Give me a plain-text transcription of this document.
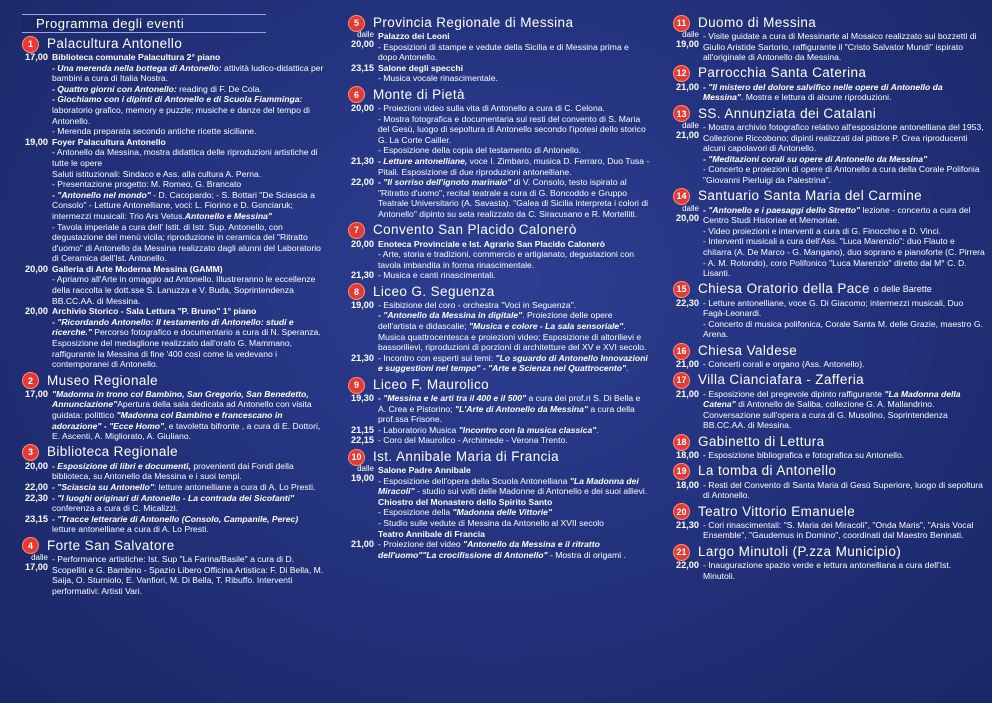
Programma degli eventi
1	Palacultura Antonello
17,00 Biblioteca comunale Palacultura 2° piano
- Una merenda nella bottega di Antonello: attività ludico-didattica per bambini a cura di Italia Nostra.
- Quattro giorni con Antonello: reading di F. De Cola.
- Giochiamo con i dipinti di Antonello e di Scuola Fiamminga: laboratorio grafico, memory e puzzle; musiche e danze del tempo di Antonello.
- Merenda preparata secondo antiche ricette siciliane.
19,00 Foyer Palacultura Antonello
- Antonello da Messina, mostra didattica delle riproduzioni artistiche di tutte le opere
Saluti istituzionali: Sindaco e Ass. alla cultura A. Perna.
- Presentazione progetto: M. Romeo, G. Brancato
- "Antonello nel mondo" - D. Cacopardo; - S. Bottari "De Sciascia a Consolo" - Letture Antonelliane, voci: L. Fiorino e D. Gonciaruk; intermezzi musicali: Trio Ars Vetus.Antonello e Messina"
- Tavola imperiale a cura dell' Istit. di Istr. Sup. Antonello, con degustazione del menù vicila; riproduzione in ceramica del "Ritratto d'uomo" di Antonello da Messina realizzato dagli alunni del Laboratorio di Ceramica dell'Ist. Antonello.
20,00 Galleria di Arte Moderna Messina (GAMM)
- Apriamo all'Arte in omaggio ad Antonello. Illustreranno le eccellenze della raccolta le dott.sse S. Lanuzza e V. Buda, Soprintendenza BB.CC.AA. di Messina.
20,00 Archivio Storico - Sala Lettura "P. Bruno" 1° piano
- "Ricordando Antonello: Il testamento di Antonello: studi e ricerche." Percorso fotografico e documentario a cura di N. Speranza. Esposizione del medaglione realizzato dall'orafo G. Mammano, raffigurante la Messina di fine '400 così come la vedevano i contemporanei di Antonello.
2	Museo Regionale
17,00 "Madonna in trono col Bambino, San Gregorio, San Benedetto, Annunciazione"Apertura della sala dedicata ad Antonello con visita guidata: polittico "Madonna col Bambino e francescano in adorazione" - "Ecce Homo", e tavoletta bifronte , a cura di E. Dottori, E. Ascenti, A. Migliorato, A. Giuliano.
3	Biblioteca Regionale
20,00 - Esposizione di libri e documenti, provenienti dai Fondi della biblioteca, su Antonello da Messina e i suoi tempi.
22,00 - "Sciascia su Antonello": letture antonelliane a cura di A. Lo Presti.
22,30 - "I luoghi originari di Antonello - La contrada dei Sicofanti" conferenza a cura di C. Micalizzi.
23,15 - "Tracce letterarie di Antonello (Consolo, Campanile, Perec) letture antonelliane a cura di A. Lo Presti.
4	Forte San Salvatore
dalle
17,00
- Performance artistiche: Ist. Sup "La Farina/Basile" a cura di D. Scopelliti e G. Bambino - Spazio Libero Officina Artistica: F. Di Bella, M. Saija, O. Sturniolo, E. Vanfiori, M. Di Bella, T. Ribuffo. Interventi performativi: Artisti Vari.
5	Provincia Regionale di Messina
dalle
20,00
Palazzo dei Leoni
- Esposizioni di stampe e vedute della Sicilia e di Messina prima e dopo Antonello.
23,15 Salone degli specchi
- Musica vocale rinascimentale.
6	Monte di Pietà
20,00 - Proiezioni video sulla vita di Antonello a cura di C. Celona.
- Mostra fotografica e documentaria sui resti del convento di S. Maria del Gesù, luogo di sepoltura di Antonello secondo l'ipotesi dello storico G. La Corte Cailler.
- Esposizione della copia del testamento di Antonello.
21,30 - Letture antonelliane, voce I. Zimbaro, musica D. Ferraro, Duo Tusa - Pitali. Esposizione di due riproduzioni antonelliane.
22,00 - "Il sorriso dell'ignoto marinaio" di V. Consolo, testo ispirato al "Ritratto d'uomo", recital teatrale a cura di G. Boncoddo e Gruppo Teatrale Universitario (A. Savasta). "Galea di Sicilia interpreta i colori di Antonello" dipinto su seta realizzato da C. Siracusano e R. Mortelliti.
7	Convento San Placido Calonerò
20,00 Enoteca Provinciale e Ist. Agrario San Placido Calonerò
- Arte, storia e tradizioni, commercio e artigianato, degustazioni con tavola imbandita in forma rinascimentale.
21,30 - Musica e canti rinascimentali.
8	Liceo G. Seguenza
19,00 - Esibizione del coro - orchestra "Voci in Seguenza".
- "Antonello da Messina in digitale". Proiezione delle opere dell'artista e didascalie; "Musica e colore - La sala sensoriale". Musica quattrocentesca e proiezioni video; Esposizione di altorilievi e bassorilievi, riproduzioni di porzioni di architetture del XV e XVI secolo.
21,30 - Incontro con esperti sui temi: "Lo sguardo di Antonello Innovazioni e suggestioni nel tempo" - "Arte e Scienza nel Quattrocento".
9	Liceo F. Maurolico
19,30 - "Messina e le arti tra il 400 e il 500" a cura dei prof.ri S. Di Bella e A. Crea e Pistorino; "L'Arte di Antonello da Messina" a cura della prof.ssa Frisone.
21,15 - Laboratorio Musica "Incontro con la musica classica".
22,15 - Coro del Maurolico - Archimede - Verona Trento.
10 Ist. Annibale Maria di Francia
dalle
19,00
Salone Padre Annibale
- Esposizione dell'opera della Scuola Antonelliana "La Madonna dei Miracoli" - studio sui volti delle Madonne di Antonello e dei suoi allievi.
Chiostro del Monastero dello Spirito Santo
- Esposizione della "Madonna delle Vittorie"
- Studio sulle vedute di Messina da Antonello al XVII secolo
Teatro Annibale di Francia
21,00 - Proiezione del video "Antonello da Messina e il ritratto dell'uomo""La crocifissione di Antonello" - Mostra di origami .
11 Duomo di Messina
dalle
19,00
- Visite guidate a cura di Messinarte al Mosaico realizzato sui bozzetti di Giulio Aristide Sartorio, raffigurante il "Cristo Salvator Mundi" ispirato all'originale di Antonello da Messina.
12 Parrocchia Santa Caterina
21,00 - "Il mistero del dolore salvifico nelle opere di Antonello da Messina". Mostra e lettura di alcune riproduzioni.
13 SS. Annunziata dei Catalani
dalle
21,00
- Mostra archivio fotografico relativo all'esposizione antonelliana del 1953, Collezione Riccobono; dipinti realizzati dal pittore P. Crea riproducenti alcuni capolavori di Antonello.
- "Meditazioni corali su opere di Antonello da Messina"
- Concerto e proiezioni di opere di Antonello a cura della Corale Polifonia "Giovanni Pierluigi da Palestrina".
14 Santuario Santa Maria del Carmine
dalle
20,00
- "Antonello e i paesaggi dello Stretto" lezione - concerto a cura del Centro Studi Historiae et Memoriae.
- Video proiezioni e interventi a cura di G. Finocchio e D. Vinci.
- Interventi musicali a cura dell'Ass. "Luca Marenzio": duo Flauto e chitarra (A. De Marco - G. Mangano), duo soprano e pianoforte (C. Pirrera - A. M. Rotondo), coro Polifonico "Luca Marenzio" diretto dal M° C. D. Lisanti.
15 Chiesa Oratorio della Pace o delle Barette
22,30 - Letture antonelliane, voce G. Di Giacomo; intermezzi musicali, Duo Fagà-Leonardi.
- Concerto di musica polifonica, Corale Santa M. delle Grazie, maestro G. Arena.
16 Chiesa Valdese
21,00 - Concerti corali e organo (Ass. Antonello).
17 Villa Cianciafara - Zafferia
21,00 - Esposizione del pregevole dipinto raffigurante "La Madonna della Catena" di Antonello de Saliba, collezione G. A. Mallandrino. Conversazione sull'opera a cura di G. Musolino, Soprintendenza BB.CC.AA. di Messina.
18 Gabinetto di Lettura
18,00 - Esposizione bibliografica e fotografica su Antonello.
19 La tomba di Antonello
18,00 - Resti del Convento di Santa Maria di Gesù Superiore, luogo di sepoltura di Antonello.
20 Teatro Vittorio Emanuele
21,30 - Cori rinascimentali: "S. Maria dei Miracoli", "Onda Maris", "Arsis Vocal Ensemble", "Gaudemus in Domino", coordinati dal Maestro Beninati.
21 Largo Minutoli (P.zza Municipio)
22,00 - Inaugurazione spazio verde e lettura antonelliana a cura dell'Ist. Minutoli.
